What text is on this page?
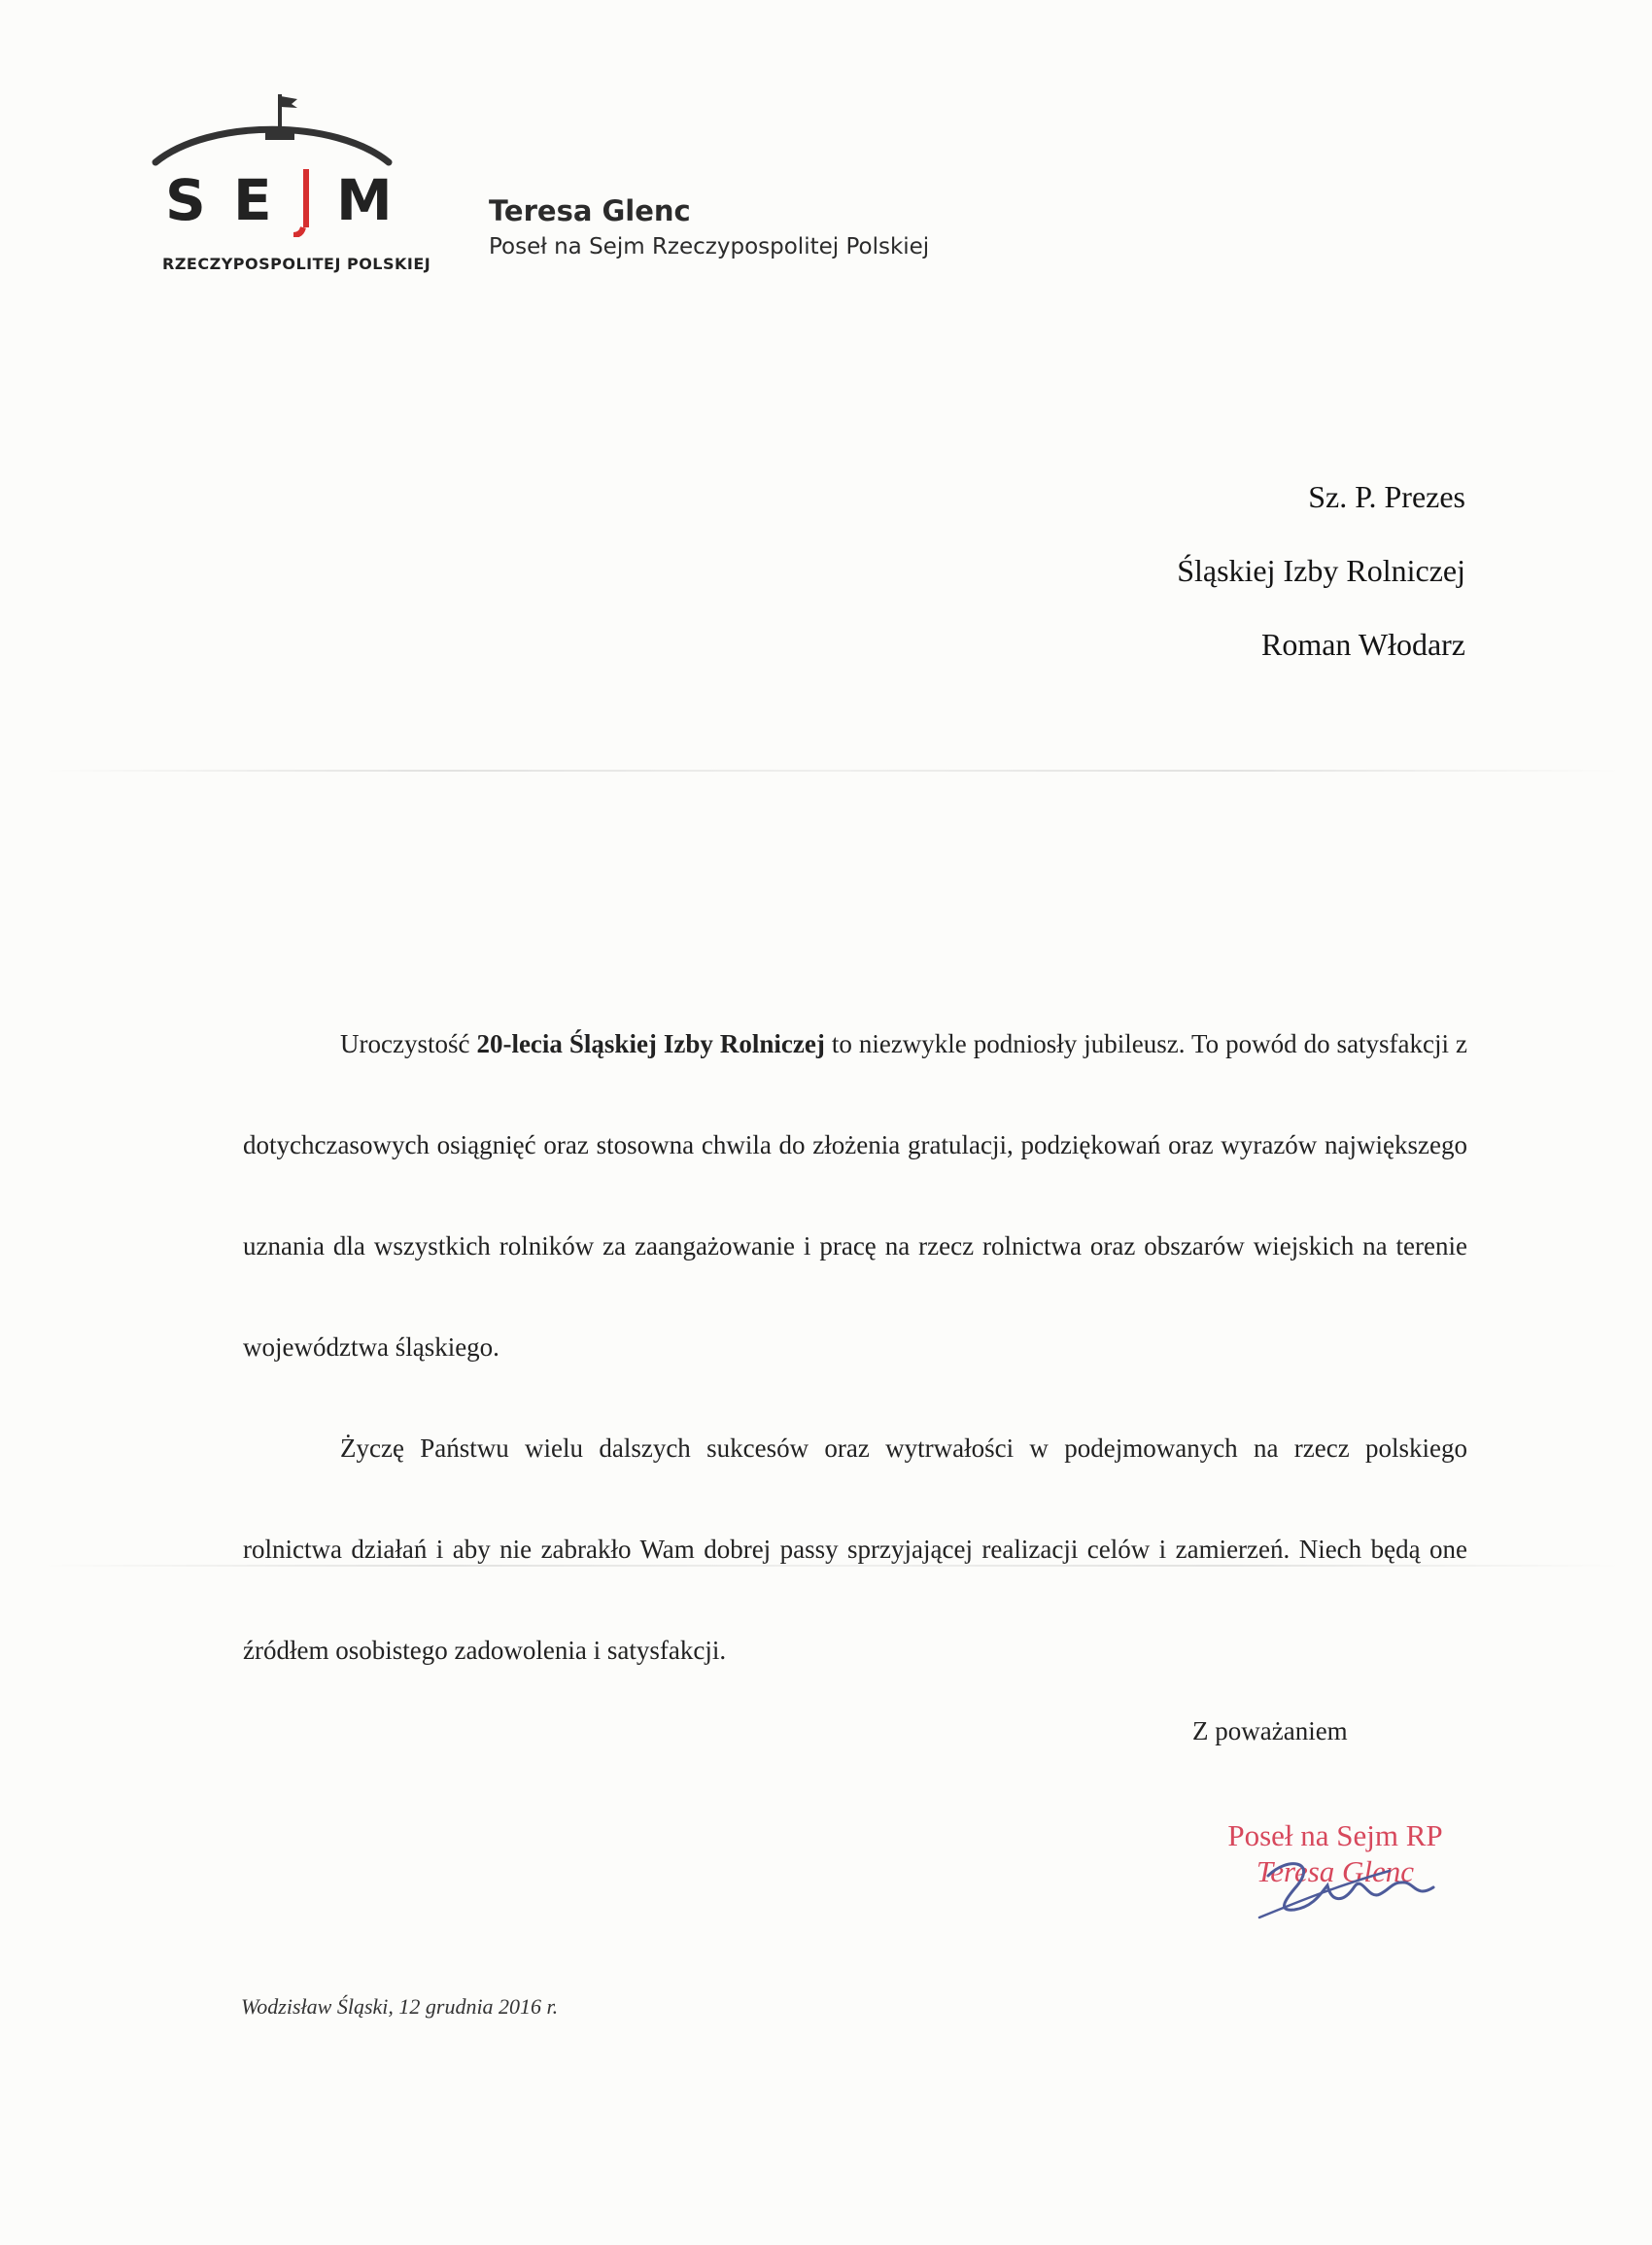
S E M
RZECZYPOSPOLITEJ POLSKIEJ
Teresa Glenc
Poseł na Sejm Rzeczypospolitej Polskiej
Sz. P. Prezes
Śląskiej Izby Rolniczej
Roman Włodarz

Uroczystość 20-lecia Śląskiej Izby Rolniczej to niezwykle podniosły jubileusz. To powód do satysfakcji z dotychczasowych osiągnięć oraz stosowna chwila do złożenia gratulacji, podziękowań oraz wyrazów największego uznania dla wszystkich rolników za zaangażowanie i pracę na rzecz rolnictwa oraz obszarów wiejskich na terenie województwa śląskiego.

Życzę Państwu wielu dalszych sukcesów oraz wytrwałości w podejmowanych na rzecz polskiego rolnictwa działań i aby nie zabrakło Wam dobrej passy sprzyjającej realizacji celów i zamierzeń. Niech będą one źródłem osobistego zadowolenia i satysfakcji.

Z poważaniem
Poseł na Sejm RP
Teresa Glenc
Wodzisław Śląski, 12 grudnia 2016 r.
